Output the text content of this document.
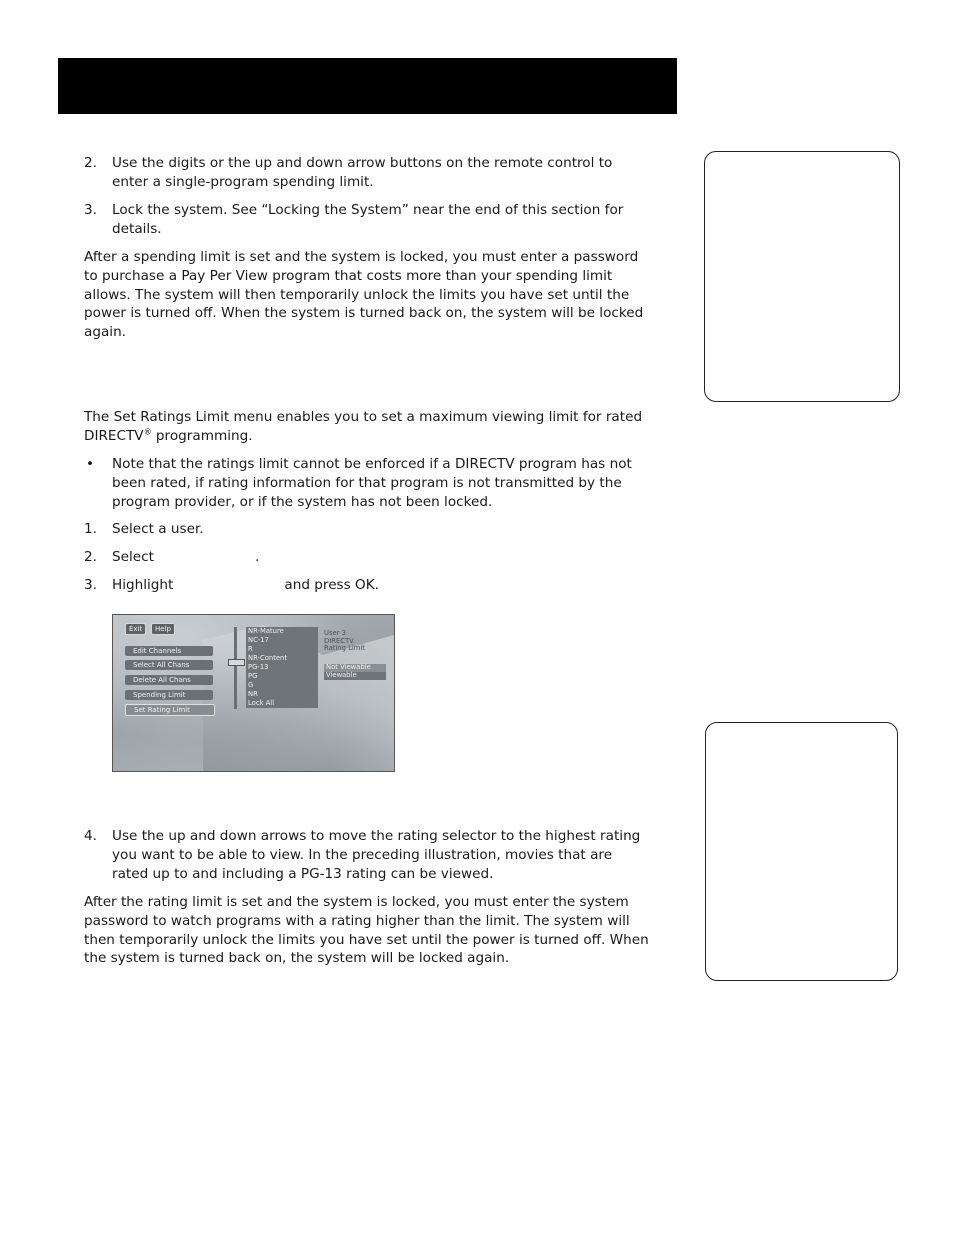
2. Use the digits or the up and down arrow buttons on the remote control to enter a single-program spending limit.
3. Lock the system. See “Locking the System” near the end of this section for details.

After a spending limit is set and the system is locked, you must enter a password to purchase a Pay Per View program that costs more than your spending limit allows. The system will then temporarily unlock the limits you have set until the power is turned off. When the system is turned back on, the system will be locked again.

The Set Ratings Limit menu enables you to set a maximum viewing limit for rated DIRECTV® programming.

• Note that the ratings limit cannot be enforced if a DIRECTV program has not been rated, if rating information for that program is not transmitted by the program provider, or if the system has not been locked.
1. Select a user.
2. Select	.
3. Highlight	and press OK.
Exit	Help
Edit Channels
Select All Chans
Delete All Chans
Spending Limit
Set Rating Limit
NR-Mature
NC-17
R
NR-Content
PG-13
PG
G
NR
Lock All
User 3
DIRECTV
Rating Limit
Not Viewable
Viewable
4. Use the up and down arrows to move the rating selector to the highest rating you want to be able to view. In the preceding illustration, movies that are rated up to and including a PG-13 rating can be viewed.

After the rating limit is set and the system is locked, you must enter the system password to watch programs with a rating higher than the limit. The system will then temporarily unlock the limits you have set until the power is turned off. When the system is turned back on, the system will be locked again.
